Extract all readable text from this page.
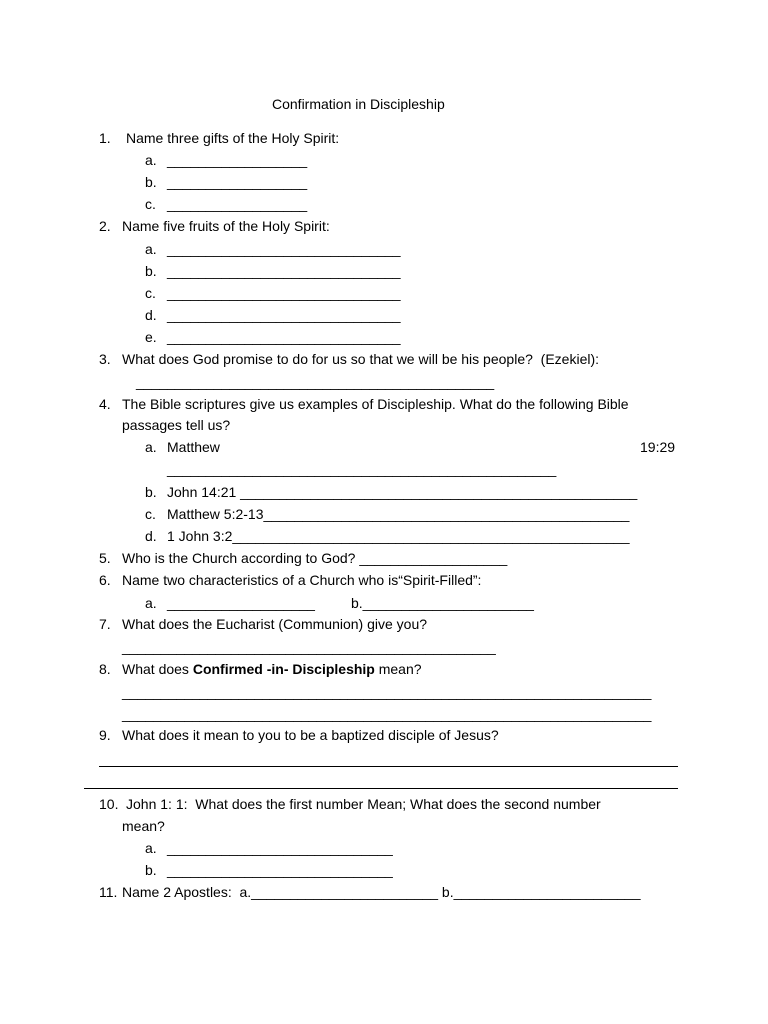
Confirmation in Discipleship
1. Name three gifts of the Holy Spirit:
a. __________________
b. __________________
c. __________________
2. Name five fruits of the Holy Spirit:
a. ______________________________
b. ______________________________
c. ______________________________
d. ______________________________
e. ______________________________
3. What does God promise to do for us so that we will be his people?  (Ezekiel):
______________________________________________
4. The Bible scriptures give us examples of Discipleship. What do the following Bible
passages tell us?
a. Matthew	19:29
__________________________________________________
b. John 14:21 ___________________________________________________
c. Matthew 5:2-13_______________________________________________
d. 1 John 3:2___________________________________________________
5. Who is the Church according to God? ___________________
6. Name two characteristics of a Church who is“Spirit-Filled”:
a. ___________________	b.______________________
7. What does the Eucharist (Communion) give you?
________________________________________________
8. What does Confirmed -in- Discipleship mean?
____________________________________________________________________
____________________________________________________________________
9. What does it mean to you to be a baptized disciple of Jesus?
10. John 1: 1:  What does the first number Mean; What does the second number
mean?
a. _____________________________
b. _____________________________
11. Name 2 Apostles:  a.________________________ b.________________________
